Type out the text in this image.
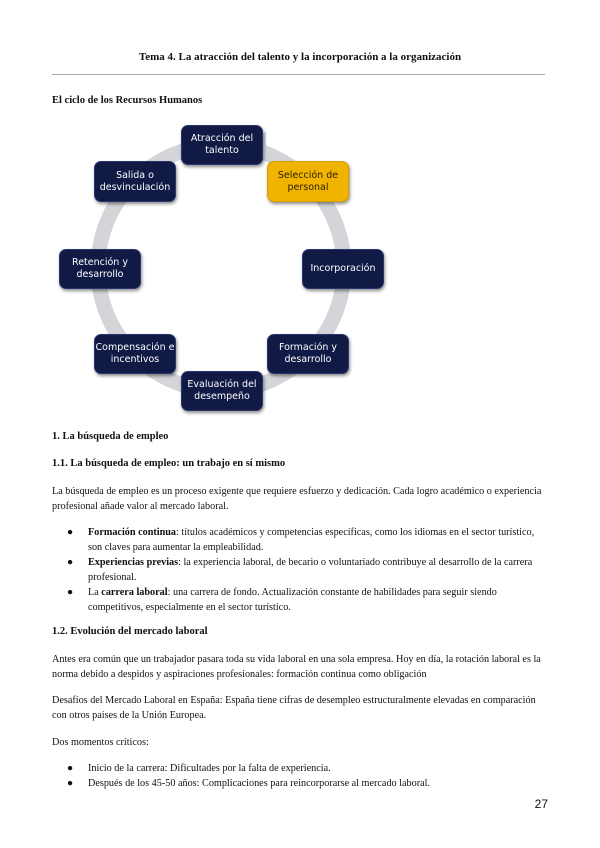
Tema 4. La atracción del talento y la incorporación a la organización
El ciclo de los Recursos Humanos
Atracción del talento
Selección de personal
Incorporación
Formación y desarrollo
Evaluación del desempeño
Compensación e incentivos
Retención y desarrollo
Salida o desvinculación
1. La búsqueda de empleo
1.1. La búsqueda de empleo: un trabajo en sí mismo
La búsqueda de empleo es un proceso exigente que requiere esfuerzo y dedicación. Cada logro académico o experiencia profesional añade valor al mercado laboral.
● Formación continua: títulos académicos y competencias específicas, como los idiomas en el sector turístico, son claves para aumentar la empleabilidad.
● Experiencias previas: la experiencia laboral, de becario o voluntariado contribuye al desarrollo de la carrera profesional.
● La carrera laboral: una carrera de fondo. Actualización constante de habilidades para seguir siendo competitivos, especialmente en el sector turístico.
1.2. Evolución del mercado laboral
Antes era común que un trabajador pasara toda su vida laboral en una sola empresa. Hoy en día, la rotación laboral es la norma debido a despidos y aspiraciones profesionales: formación continua como obligación
Desafíos del Mercado Laboral en España: España tiene cifras de desempleo estructuralmente elevadas en comparación con otros países de la Unión Europea.
Dos momentos críticos:
● Inicio de la carrera: Dificultades por la falta de experiencia.
● Después de los 45-50 años: Complicaciones para reincorporarse al mercado laboral.
27
